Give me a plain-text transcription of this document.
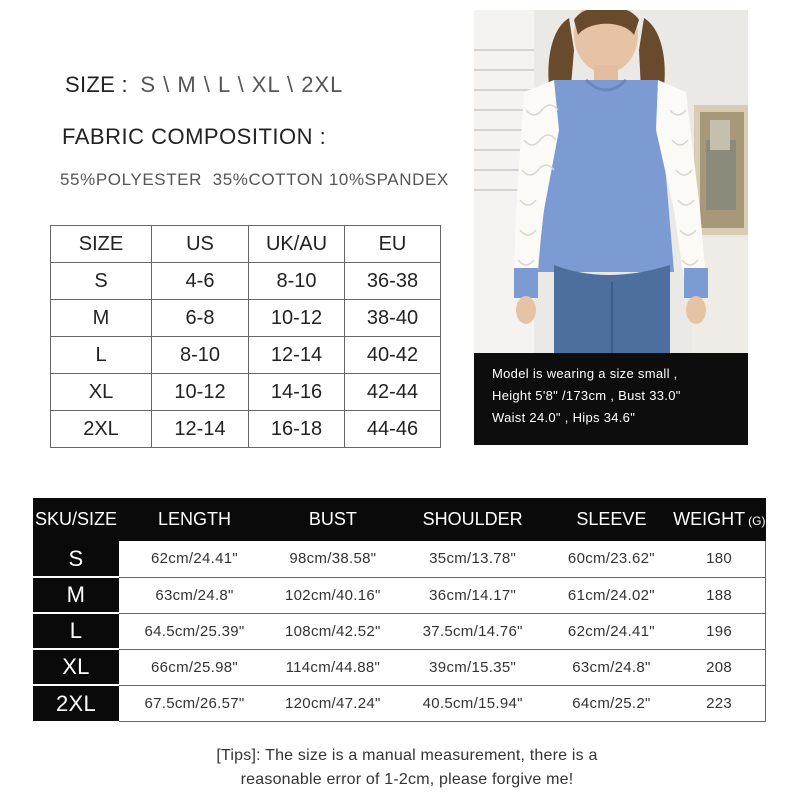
SIZE : S \ M \ L \ XL \ 2XL
FABRIC COMPOSITION :
55%POLYESTER  35%COTTON 10%SPANDEX
SIZE	US	UK/AU	EU
S	4-6	8-10	36-38
M	6-8	10-12	38-40
L	8-10	12-14	40-42
XL	10-12	14-16	42-44
2XL	12-14	16-18	44-46
Model is wearing a size small ,
Height 5'8" /173cm , Bust 33.0"
Waist 24.0" , Hips 34.6"
SKU/SIZE	LENGTH	BUST	SHOULDER	SLEEVE	WEIGHT (G)
S	62cm/24.41"	98cm/38.58"	35cm/13.78"	60cm/23.62"	180
M	63cm/24.8"	102cm/40.16"	36cm/14.17"	61cm/24.02"	188
L	64.5cm/25.39"	108cm/42.52"	37.5cm/14.76"	62cm/24.41"	196
XL	66cm/25.98"	114cm/44.88"	39cm/15.35"	63cm/24.8"	208
2XL	67.5cm/26.57"	120cm/47.24"	40.5cm/15.94"	64cm/25.2"	223
[Tips]: The size is a manual measurement, there is a
reasonable error of 1-2cm, please forgive me!
